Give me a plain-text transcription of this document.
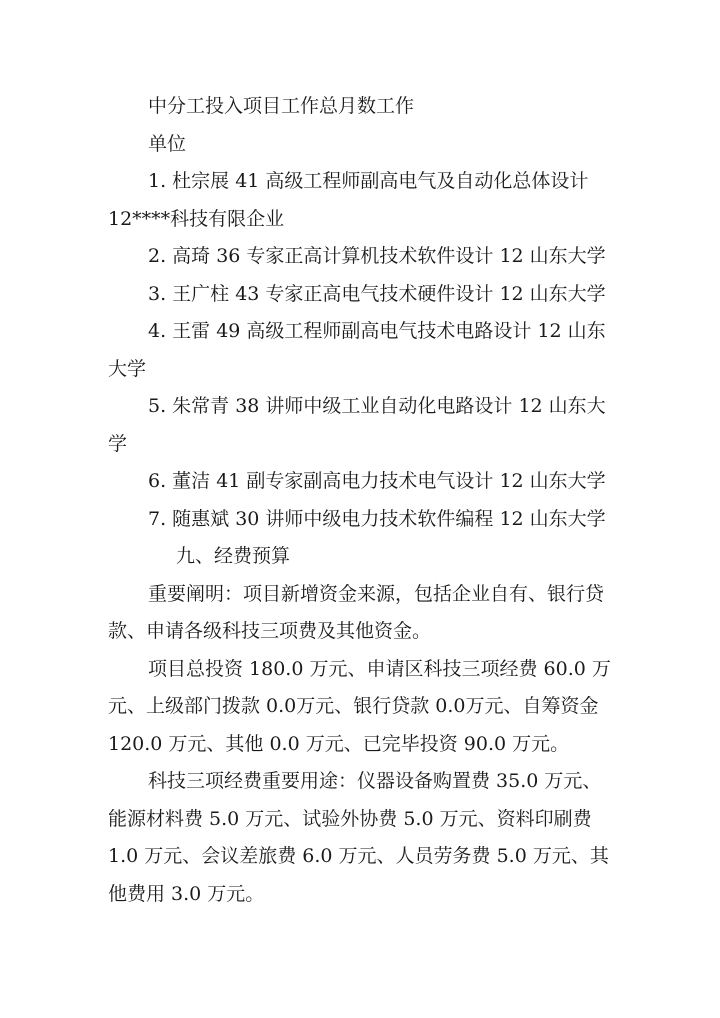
中分工投入项目工作总月数工作
单位
1. 杜宗展 41 高级工程师副高电气及自动化总体设计
12****科技有限企业
2. 高琦 36 专家正高计算机技术软件设计 12 山东大学
3. 王广柱 43 专家正高电气技术硬件设计 12 山东大学
4. 王雷 49 高级工程师副高电气技术电路设计 12 山东
大学
5. 朱常青 38 讲师中级工业自动化电路设计 12 山东大
学
6. 董洁 41 副专家副高电力技术电气设计 12 山东大学
7. 随惠斌 30 讲师中级电力技术软件编程 12 山东大学
九、经费预算
重要阐明：项目新增资金来源，包括企业自有、银行贷
款、申请各级科技三项费及其他资金。
项目总投资 180.0 万元、申请区科技三项经费 60.0 万
元、上级部门拨款 0.0万元、银行贷款 0.0万元、自筹资金
120.0 万元、其他 0.0 万元、已完毕投资 90.0 万元。
科技三项经费重要用途：仪器设备购置费 35.0 万元、
能源材料费 5.0 万元、试验外协费 5.0 万元、资料印刷费
1.0 万元、会议差旅费 6.0 万元、人员劳务费 5.0 万元、其
他费用 3.0 万元。
